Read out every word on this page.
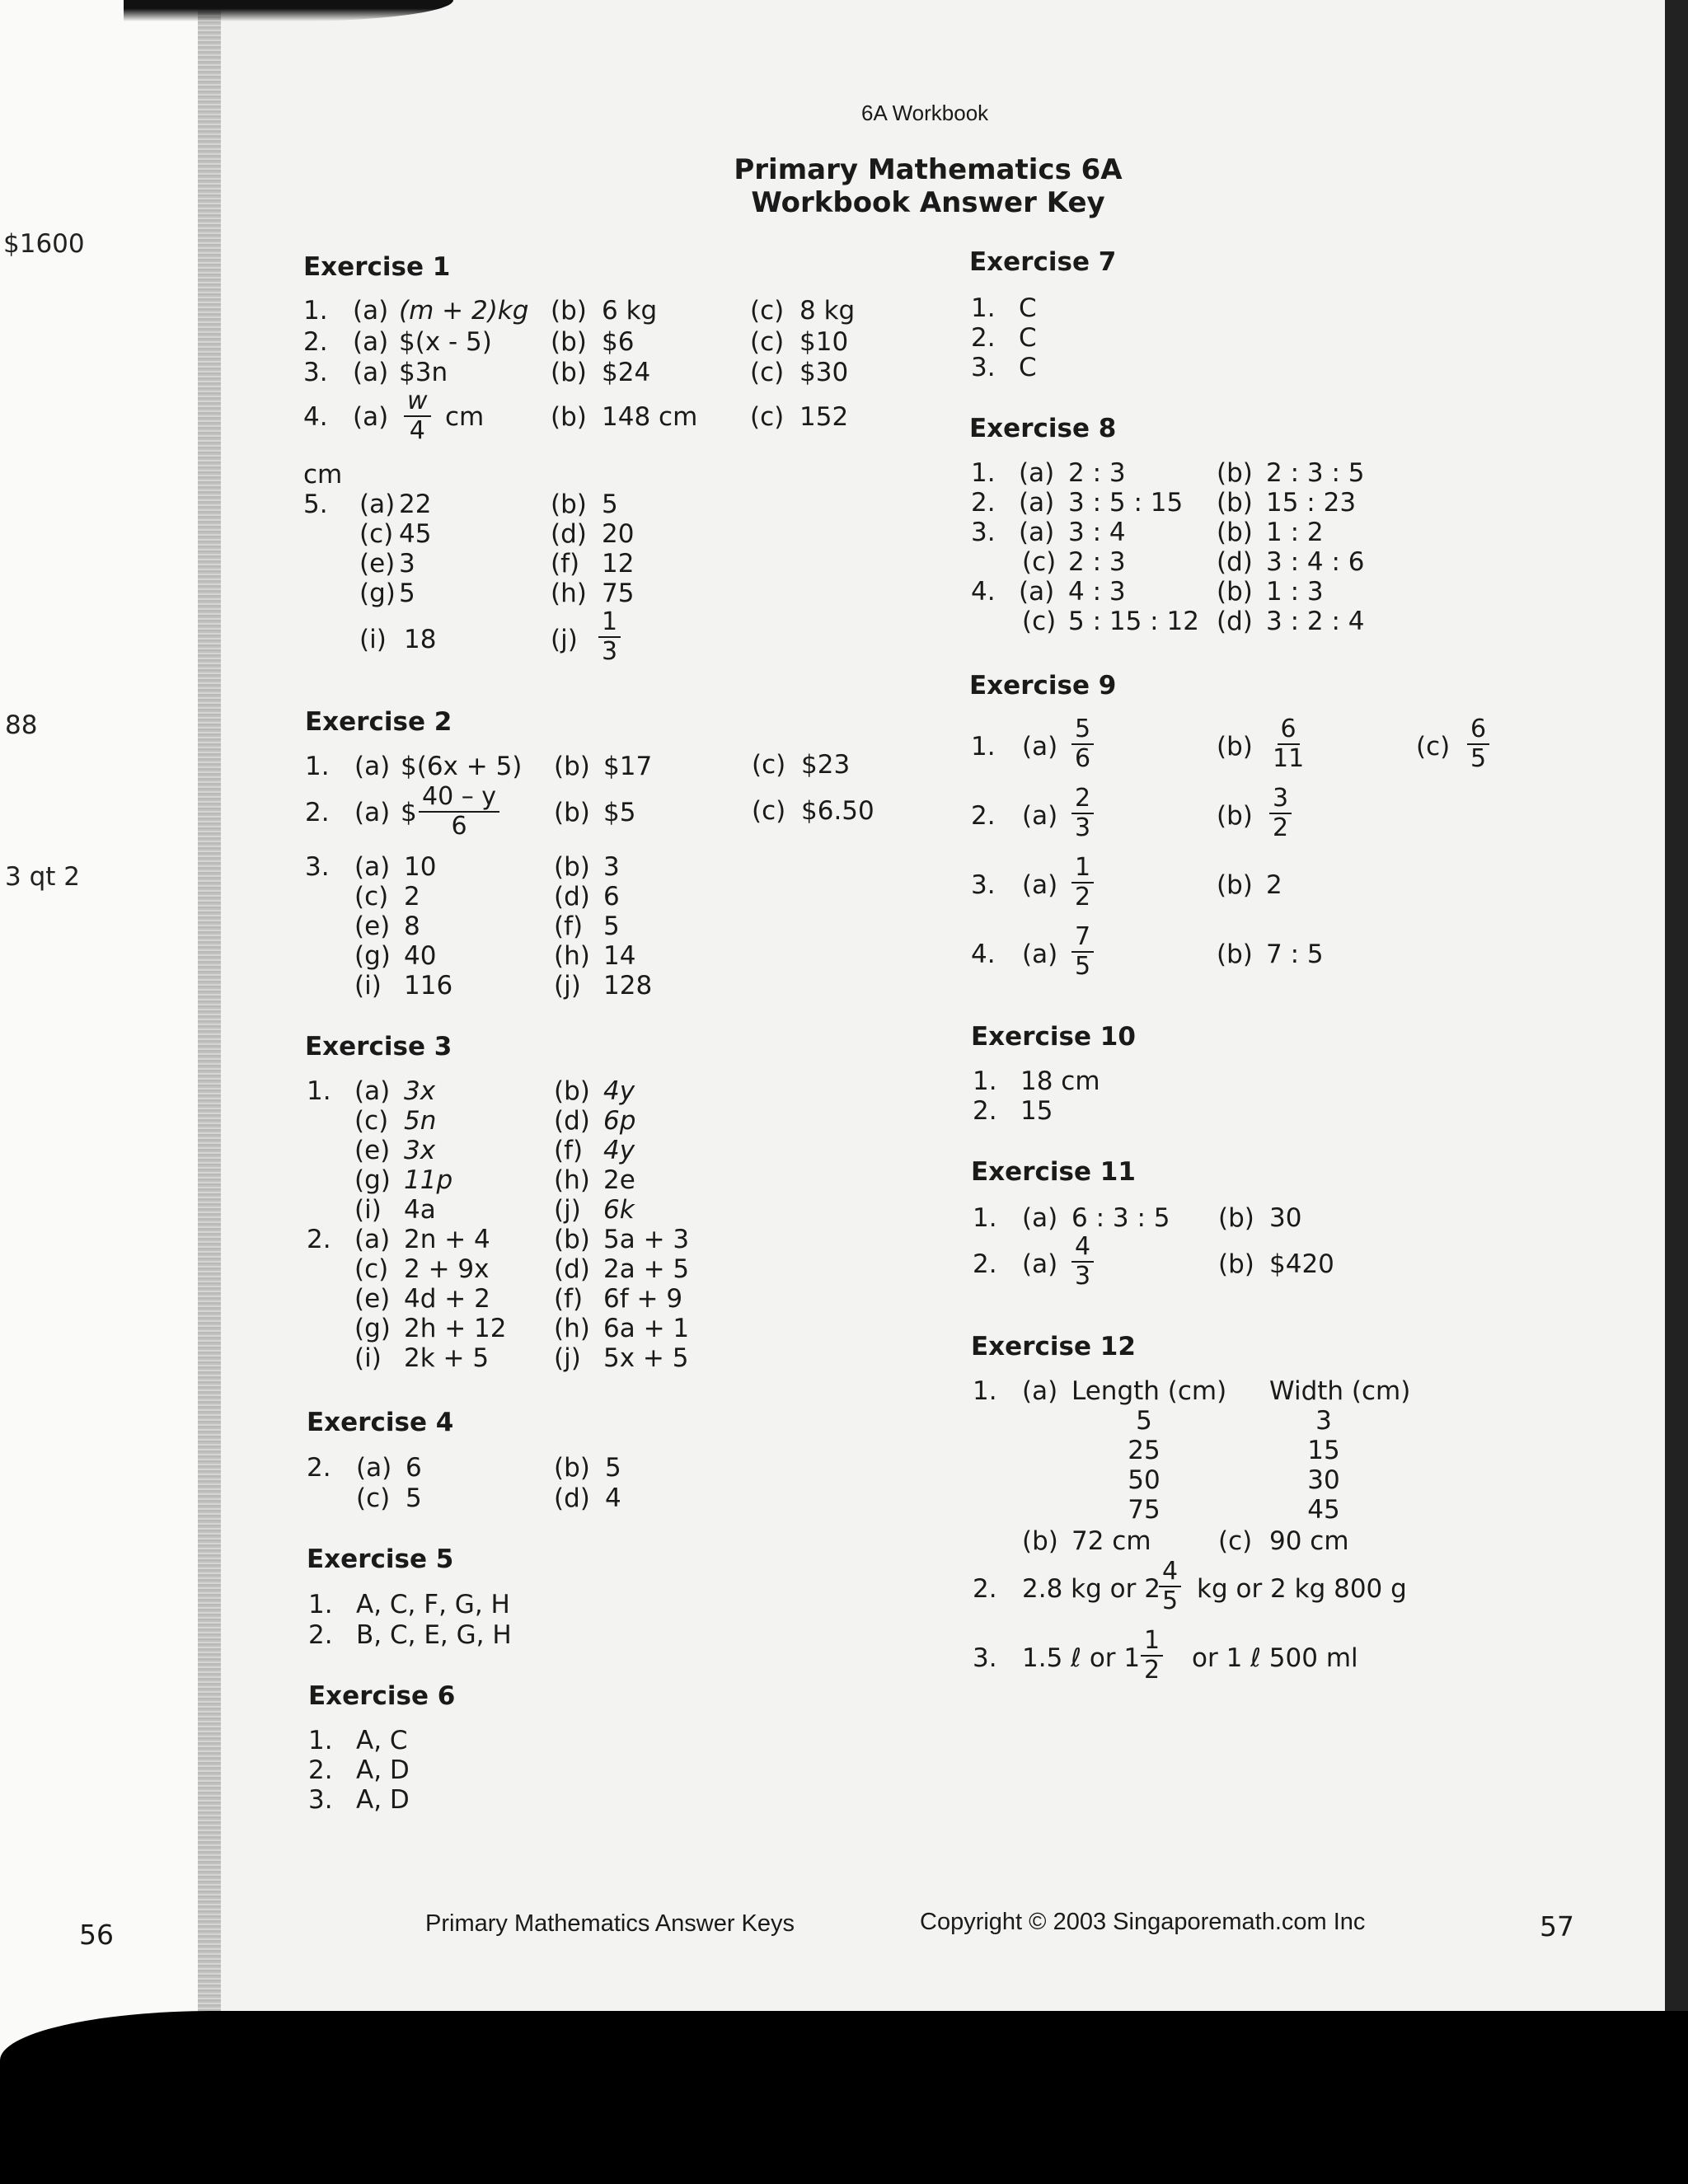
$1600
88
3 qt 2
56
6A Workbook
Primary Mathematics 6A
Workbook Answer Key
Exercise 1
1. (a) (m + 2)kg (b) 6 kg	(c) 8 kg
2. (a) $(x - 5) (b) $6	(c) $10
3. (a) $3n	(b) $24	(c) $30
4. $(a) \frac{w}{4}$ cm	(b) 148 cm (c) 152
cm
5. (a) 22	(b) 5
(c) 45	(d) 20
(e) 3	(f) 12
(g) 5	(h) 75
(i) 18	$(j) \frac{1}{3}$
Exercise 2
1. (a) $(6x + 5) (b) $17	(c) $23
2. (a) $ $\frac{40 - y}{6} (b)$ $5	(c) $6.50
3. (a) 10	(b) 3
(c) 2	(d) 6
(e) 8	(f) 5
(g) 40	(h) 14
(i) 116	(j) 128
Exercise 3
1. (a) 3x	(b) 4y
(c) 5n	(d) 6p
(e) 3x	(f) 4y
(g) 11p	(h) 2e
(i) 4a	(j) 6k
2. (a) 2n + 4 (b) 5a + 3
(c) 2 + 9x	(d) 2a + 5
(e) 4d + 2 (f) 6f + 9
(g) 2h + 12 (h) 6a + 1
(i) 2k + 5	(j) 5x + 5
Exercise 4
2. (a) 6	(b) 5
(c) 5	(d) 4
Exercise 5
1. A, C, F, G, H
2. B, C, E, G, H
Exercise 6
1. A, C
2. A, D
3. A, D
Exercise 7
1. C
2. C
3. C
Exercise 8
1. (a) 2 : 3	(b) 2 : 3 : 5
2. (a) 3 : 5 : 15 (b) 15 : 23
3. (a) 3 : 4	(b) 1 : 2
(c) 2 : 3	(d) 3 : 4 : 6
4. (a) 4 : 3	(b) 1 : 3
(c) 5 : 15 : 12 (d) 3 : 2 : 4
Exercise 9
1. $(a) \frac{5}{6}$	$(b) \frac{6}{11}$	$(c) \frac{6}{5}$
2. $(a) \frac{2}{3}$	$(b) \frac{3}{2}$
3. $(a) \frac{1}{2}$	(b) 2
4. $(a) \frac{7}{5}$	(b) 7 : 5
Exercise 10
1. 18 cm
2. 15
Exercise 11
1. (a) 6 : 3 : 5 (b) 30
2. $(a) \frac{4}{3}$	(b) $420
Exercise 12
1. (a) Length (cm) Width (cm)
5	3
25	15
50	30
75	45
(b) 72 cm	(c) 90 cm
2. 2.8 kg or 2
$\frac{4}{5}$ kg or 2 kg 800 g
3. 1.5 ℓ or $1 \frac{1}{2}$ or 1 ℓ 500 ml
Primary Mathematics Answer Keys	Copyright © 2003 Singaporemath.com Inc	57
